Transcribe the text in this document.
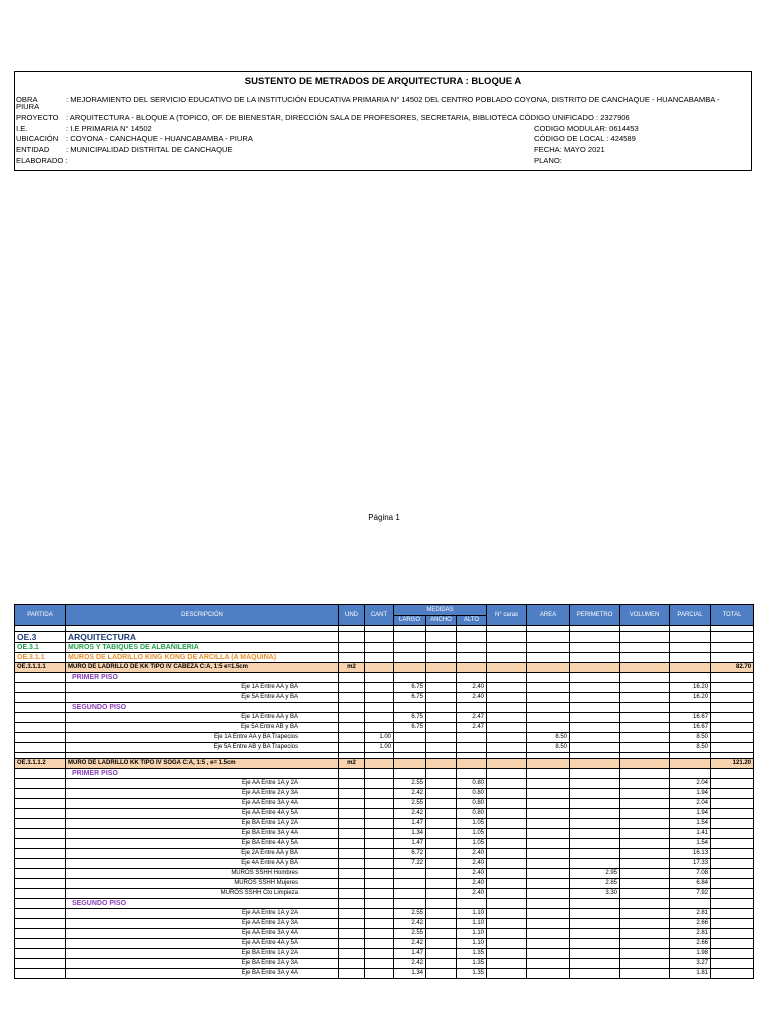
SUSTENTO DE METRADOS DE ARQUITECTURA : BLOQUE A
OBRA	: MEJORAMIENTO DEL SERVICIO EDUCATIVO DE LA INSTITUCIÓN EDUCATIVA PRIMARIA N° 14502 DEL CENTRO POBLADO COYONA, DISTRITO DE CANCHAQUE - HUANCABAMBA -
PIURA
PROYECTO : ARQUITECTURA - BLOQUE A (TOPICO, OF. DE BIENESTAR, DIRECCIÓN SALA DE PROFESORES, SECRETARIA, BIBLIOTECA CÓDIGO UNIFICADO : 2327906
I.E.	: I.E PRIMARIA N° 14502	CODIGO MODULAR: 0614453
UBICACIÓN : COYONA - CANCHAQUE - HUANCABAMBA - PIURA	CÓDIGO DE LOCAL : 424589
ENTIDAD : MUNICIPALIDAD DISTRITAL DE CANCHAQUE	FECHA: MAYO 2021
ELABORADO :	PLANO:
Página 1
PARTIDA	DESCRIPCIÓN	UND	CANT	MEDIDAS			N° caras	AREA	PERIMETRO	VOLUMEN	PARCIAL	TOTAL
				LARGO	ANCHO	ALTO						

OE.3	ARQUITECTURA											
OE.3.1	MUROS Y TABIQUES DE ALBAÑILERIA											
OE.3.1.1	MUROS DE LADRILLO KING KONG DE ARCILLA (A MAQUINA)											
OE.3.1.1.1	MURO DE LADRILLO DE KK TIPO IV CABEZA C:A, 1:5 e=1.5cm	m2										82.70
	PRIMER PISO											
	Eje 1A Entre AA y BA			6.75		2.40					16.20	
	Eje 5A Entre AA y BA			6.75		2.40					16.20	
	SEGUNDO PISO											
	Eje 1A Entre AA y BA			6.75		2.47					16.67	
	Eje 5A Entre AB y BA			6.75		2.47					16.67	
	Eje 1A Entre AA y BA Trapecios		1.00					8.50			8.50	
	Eje 5A Entre AB y BA Trapecios		1.00					8.50			8.50	

OE.3.1.1.2	MURO DE LADRILLO KK TIPO IV SOGA C:A, 1:5 , e= 1.5cm	m2										121.20
	PRIMER PISO											
	Eje AA Entre 1A y 2A			2.55		0.80					2.04	
	Eje AA Entre 2A y 3A			2.42		0.80					1.94	
	Eje AA Entre 3A y 4A			2.55		0.80					2.04	
	Eje AA Entre 4A y 5A			2.42		0.80					1.94	
	Eje BA Entre 1A y 2A			1.47		1.05					1.54	
	Eje BA Entre 3A y 4A			1.34		1.05					1.41	
	Eje BA Entre 4A y 5A			1.47		1.05					1.54	
	Eje 2A Entre AA y BA			6.72		2.40					16.13	
	Eje 4A Entre AA y BA			7.22		2.40					17.33	
	MUROS SSHH Hombres					2.40			2.95		7.08	
	MUROS SSHH Mujeres					2.40			2.85		6.84	
	MUROS SSHH Cto Limpieza					2.40			3.30		7.92	
	SEGUNDO PISO											
	Eje AA Entre 1A y 2A			2.55		1.10					2.81	
	Eje AA Entre 2A y 3A			2.42		1.10					2.66	
	Eje AA Entre 3A y 4A			2.55		1.10					2.81	
	Eje AA Entre 4A y 5A			2.42		1.10					2.66	
	Eje BA Entre 1A y 2A			1.47		1.35					1.98	
	Eje BA Entre 2A y 3A			2.42		1.35					3.27	
	Eje BA Entre 3A y 4A			1.34		1.35					1.81	
